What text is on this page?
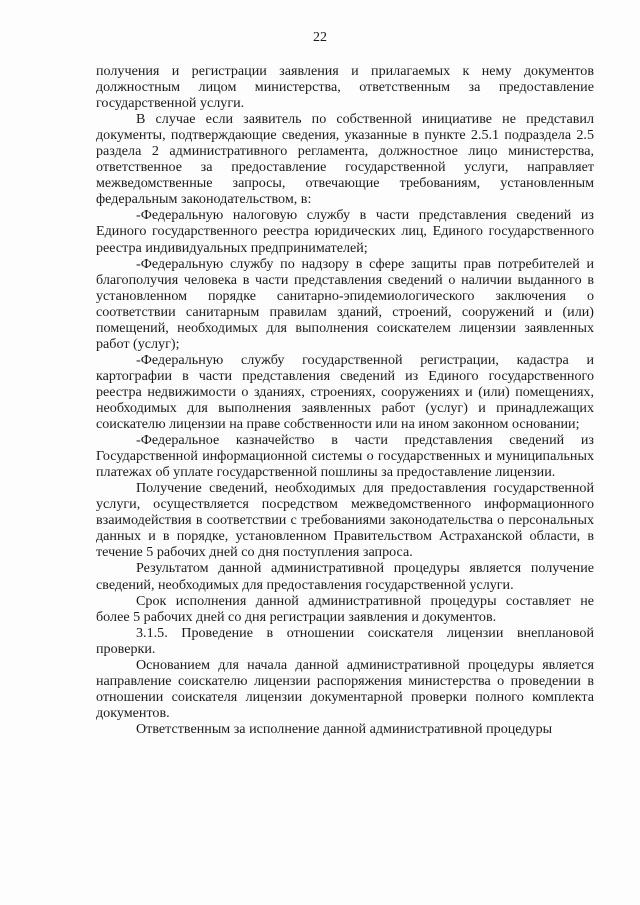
22

получения и регистрации заявления и прилагаемых к нему документов должностным лицом министерства, ответственным за предоставление государственной услуги.

В случае если заявитель по собственной инициативе не представил документы, подтверждающие сведения, указанные в пункте 2.5.1 подраздела 2.5 раздела 2 административного регламента, должностное лицо министерства, ответственное за предоставление государственной услуги, направляет межведомственные запросы, отвечающие требованиям, установленным федеральным законодательством, в:

-Федеральную налоговую службу в части представления сведений из Единого государственного реестра юридических лиц, Единого государственного реестра индивидуальных предпринимателей;

-Федеральную службу по надзору в сфере защиты прав потребителей и благополучия человека в части представления сведений о наличии выданного в установленном порядке санитарно-эпидемиологического заключения о соответствии санитарным правилам зданий, строений, сооружений и (или) помещений, необходимых для выполнения соискателем лицензии заявленных работ (услуг);

-Федеральную службу государственной регистрации, кадастра и картографии в части представления сведений из Единого государственного реестра недвижимости о зданиях, строениях, сооружениях и (или) помещениях, необходимых для выполнения заявленных работ (услуг) и принадлежащих соискателю лицензии на праве собственности или на ином законном основании;

-Федеральное казначейство в части представления сведений из Государственной информационной системы о государственных и муниципальных платежах об уплате государственной пошлины за предоставление лицензии.

Получение сведений, необходимых для предоставления государственной услуги, осуществляется посредством межведомственного информационного взаимодействия в соответствии с требованиями законодательства о персональных данных и в порядке, установленном Правительством Астраханской области, в течение 5 рабочих дней со дня поступления запроса.

Результатом данной административной процедуры является получение сведений, необходимых для предоставления государственной услуги.

Срок исполнения данной административной процедуры составляет не более 5 рабочих дней со дня регистрации заявления и документов.

3.1.5. Проведение в отношении соискателя лицензии внеплановой проверки.

Основанием для начала данной административной процедуры является направление соискателю лицензии распоряжения министерства о проведении в отношении соискателя лицензии документарной проверки полного комплекта документов.

Ответственным за исполнение данной административной процедуры
